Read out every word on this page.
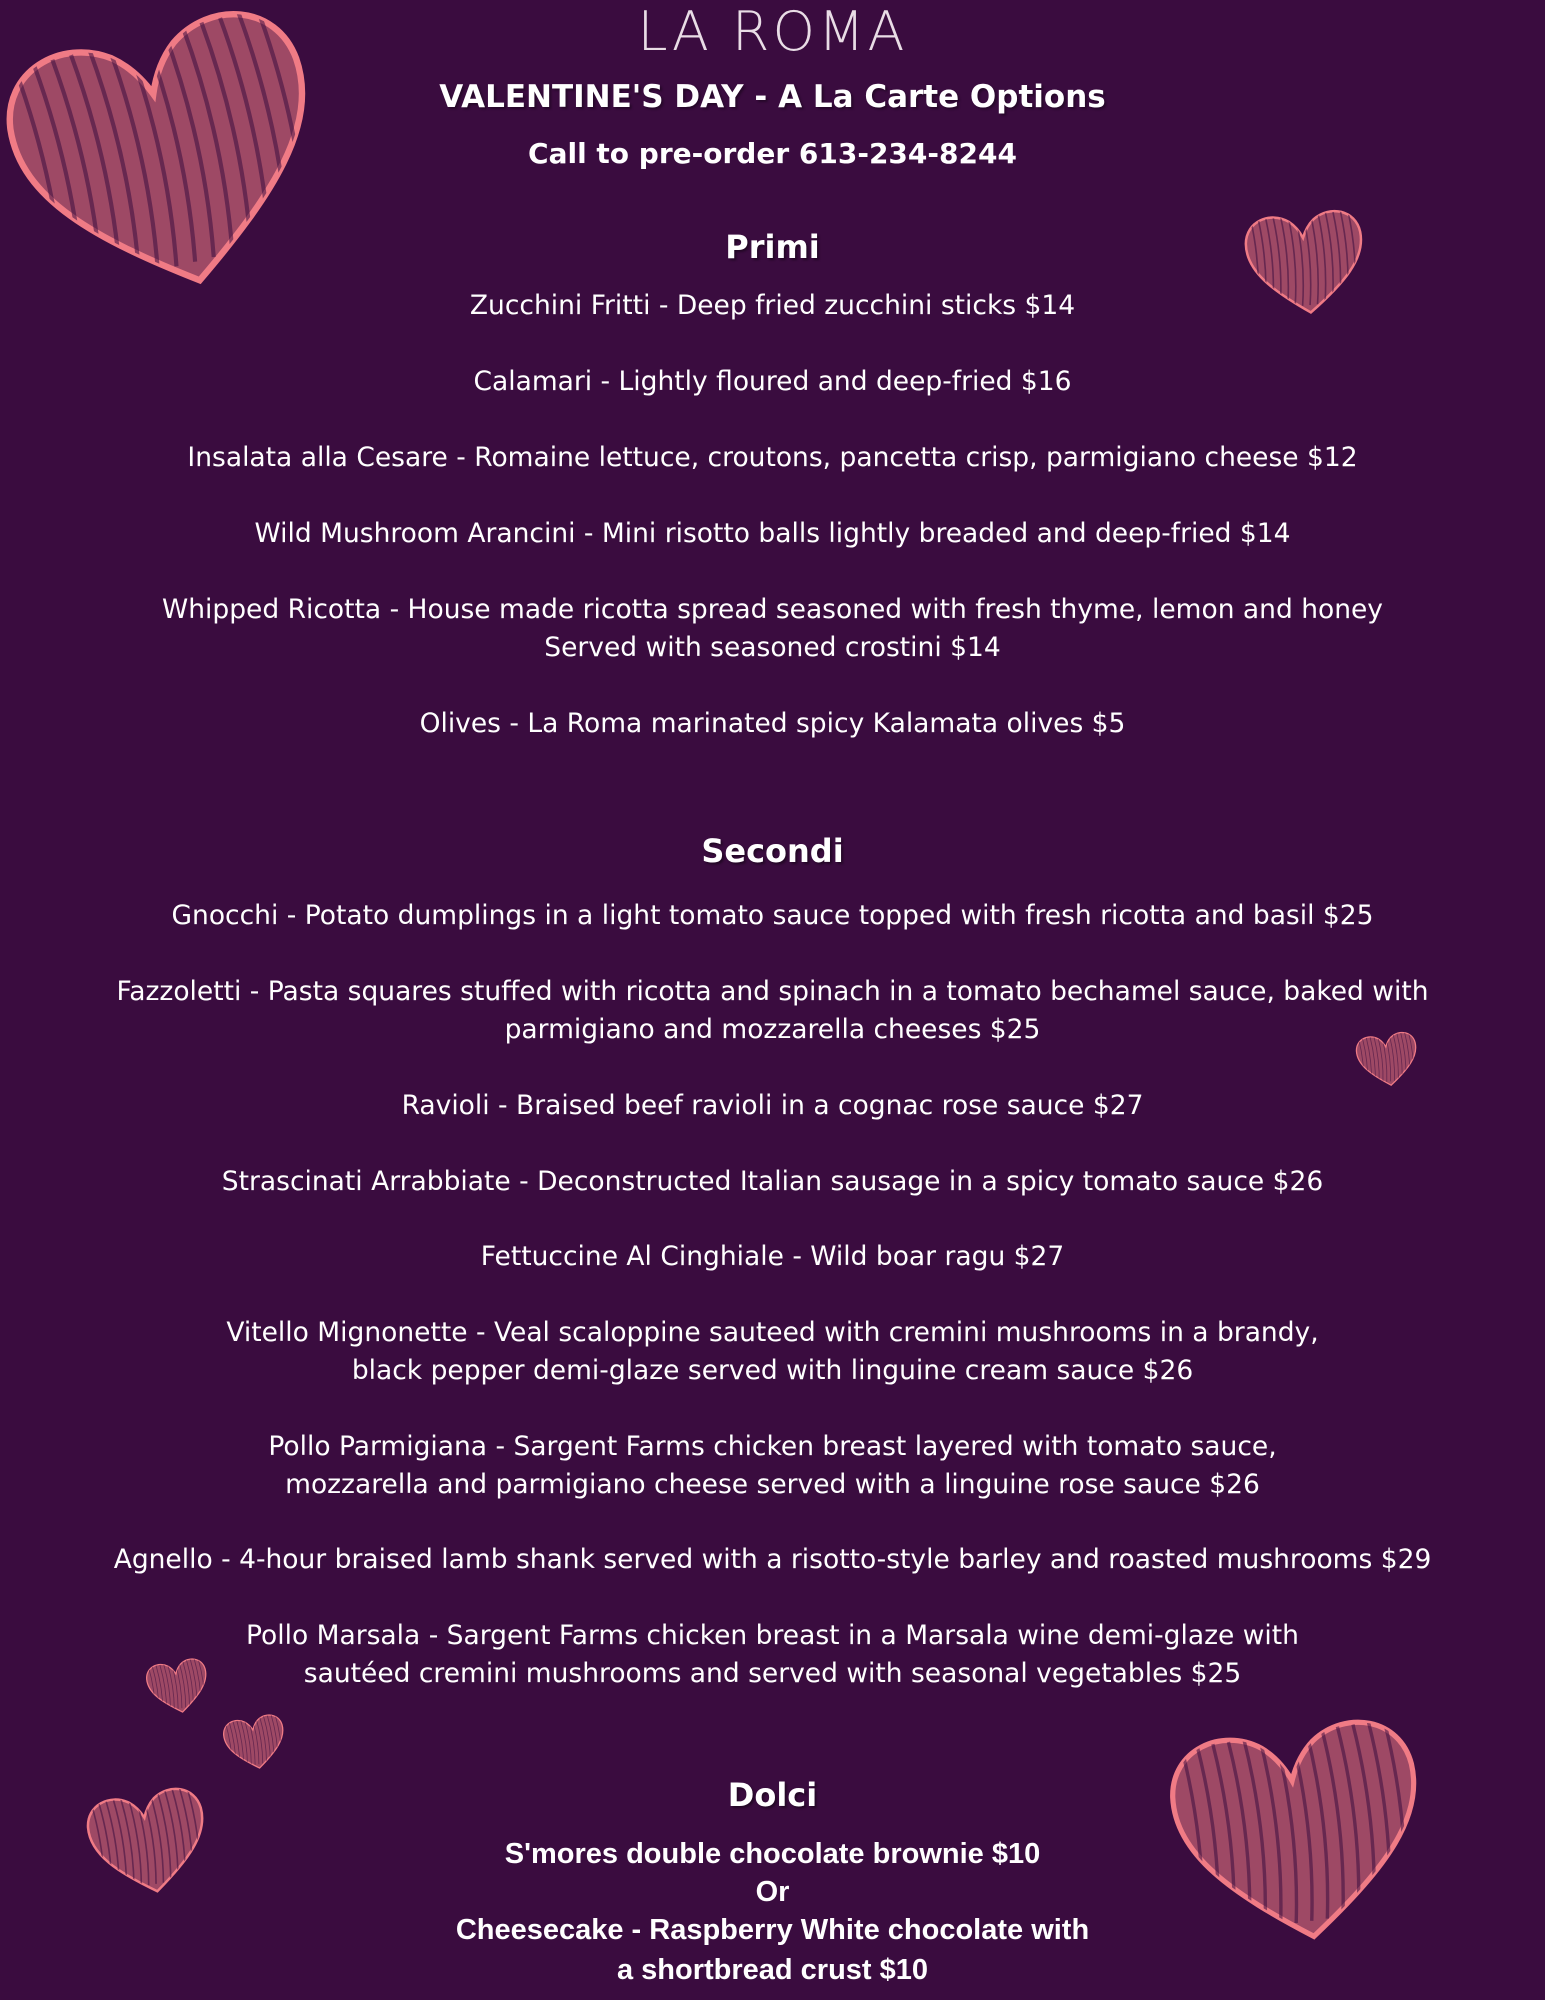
LA ROMA
VALENTINE'S DAY - A La Carte Options
Call to pre-order 613-234-8244
Primi
Zucchini Fritti - Deep fried zucchini sticks $14
Calamari - Lightly floured and deep-fried $16
Insalata alla Cesare - Romaine lettuce, croutons, pancetta crisp, parmigiano cheese $12
Wild Mushroom Arancini - Mini risotto balls lightly breaded and deep-fried $14
Whipped Ricotta - House made ricotta spread seasoned with fresh thyme, lemon and honey
Served with seasoned crostini $14
Olives - La Roma marinated spicy Kalamata olives $5
Secondi
Gnocchi - Potato dumplings in a light tomato sauce topped with fresh ricotta and basil $25
Fazzoletti - Pasta squares stuffed with ricotta and spinach in a tomato bechamel sauce, baked with
parmigiano and mozzarella cheeses $25
Ravioli - Braised beef ravioli in a cognac rose sauce $27
Strascinati Arrabbiate - Deconstructed Italian sausage in a spicy tomato sauce $26
Fettuccine Al Cinghiale - Wild boar ragu $27
Vitello Mignonette - Veal scaloppine sauteed with cremini mushrooms in a brandy,
black pepper demi-glaze served with linguine cream sauce $26
Pollo Parmigiana - Sargent Farms chicken breast layered with tomato sauce,
mozzarella and parmigiano cheese served with a linguine rose sauce $26
Agnello - 4-hour braised lamb shank served with a risotto-style barley and roasted mushrooms $29
Pollo Marsala - Sargent Farms chicken breast in a Marsala wine demi-glaze with
sautéed cremini mushrooms and served with seasonal vegetables $25
Dolci
S'mores double chocolate brownie $10
Or
Cheesecake - Raspberry White chocolate with
a shortbread crust $10
